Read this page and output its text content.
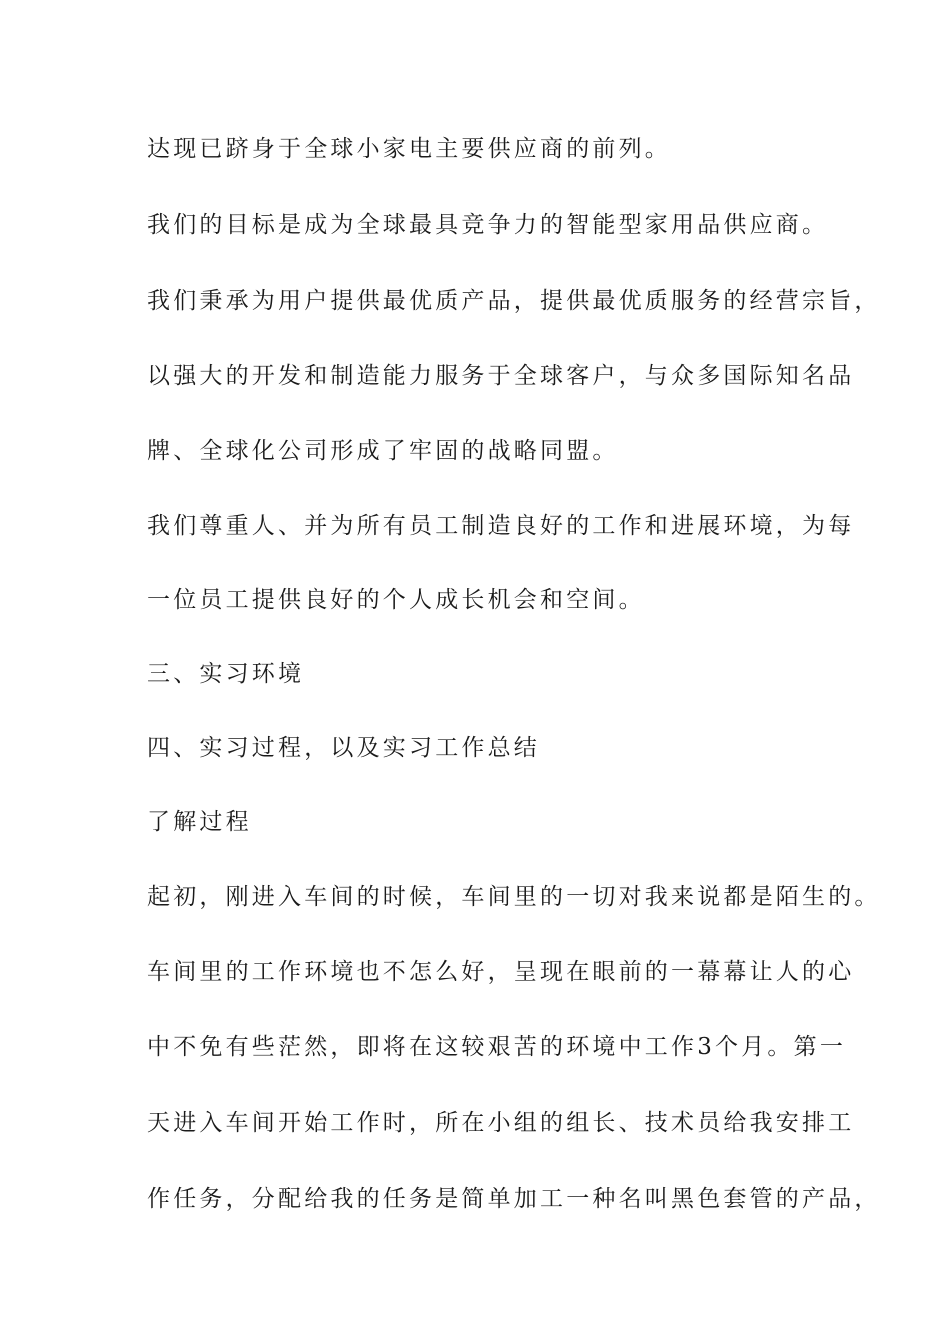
达现已跻身于全球小家电主要供应商的前列。

我们的目标是成为全球最具竞争力的智能型家用品供应商。

我们秉承为用户提供最优质产品，提供最优质服务的经营宗旨，

以强大的开发和制造能力服务于全球客户，与众多国际知名品

牌、全球化公司形成了牢固的战略同盟。

我们尊重人、并为所有员工制造良好的工作和进展环境，为每

一位员工提供良好的个人成长机会和空间。

三、实习环境

四、实习过程，以及实习工作总结

了解过程

起初，刚进入车间的时候，车间里的一切对我来说都是陌生的。

车间里的工作环境也不怎么好，呈现在眼前的一幕幕让人的心

中不免有些茫然，即将在这较艰苦的环境中工作3个月。第一

天进入车间开始工作时，所在小组的组长、技术员给我安排工

作任务，分配给我的任务是简单加工一种名叫黑色套管的产品，
